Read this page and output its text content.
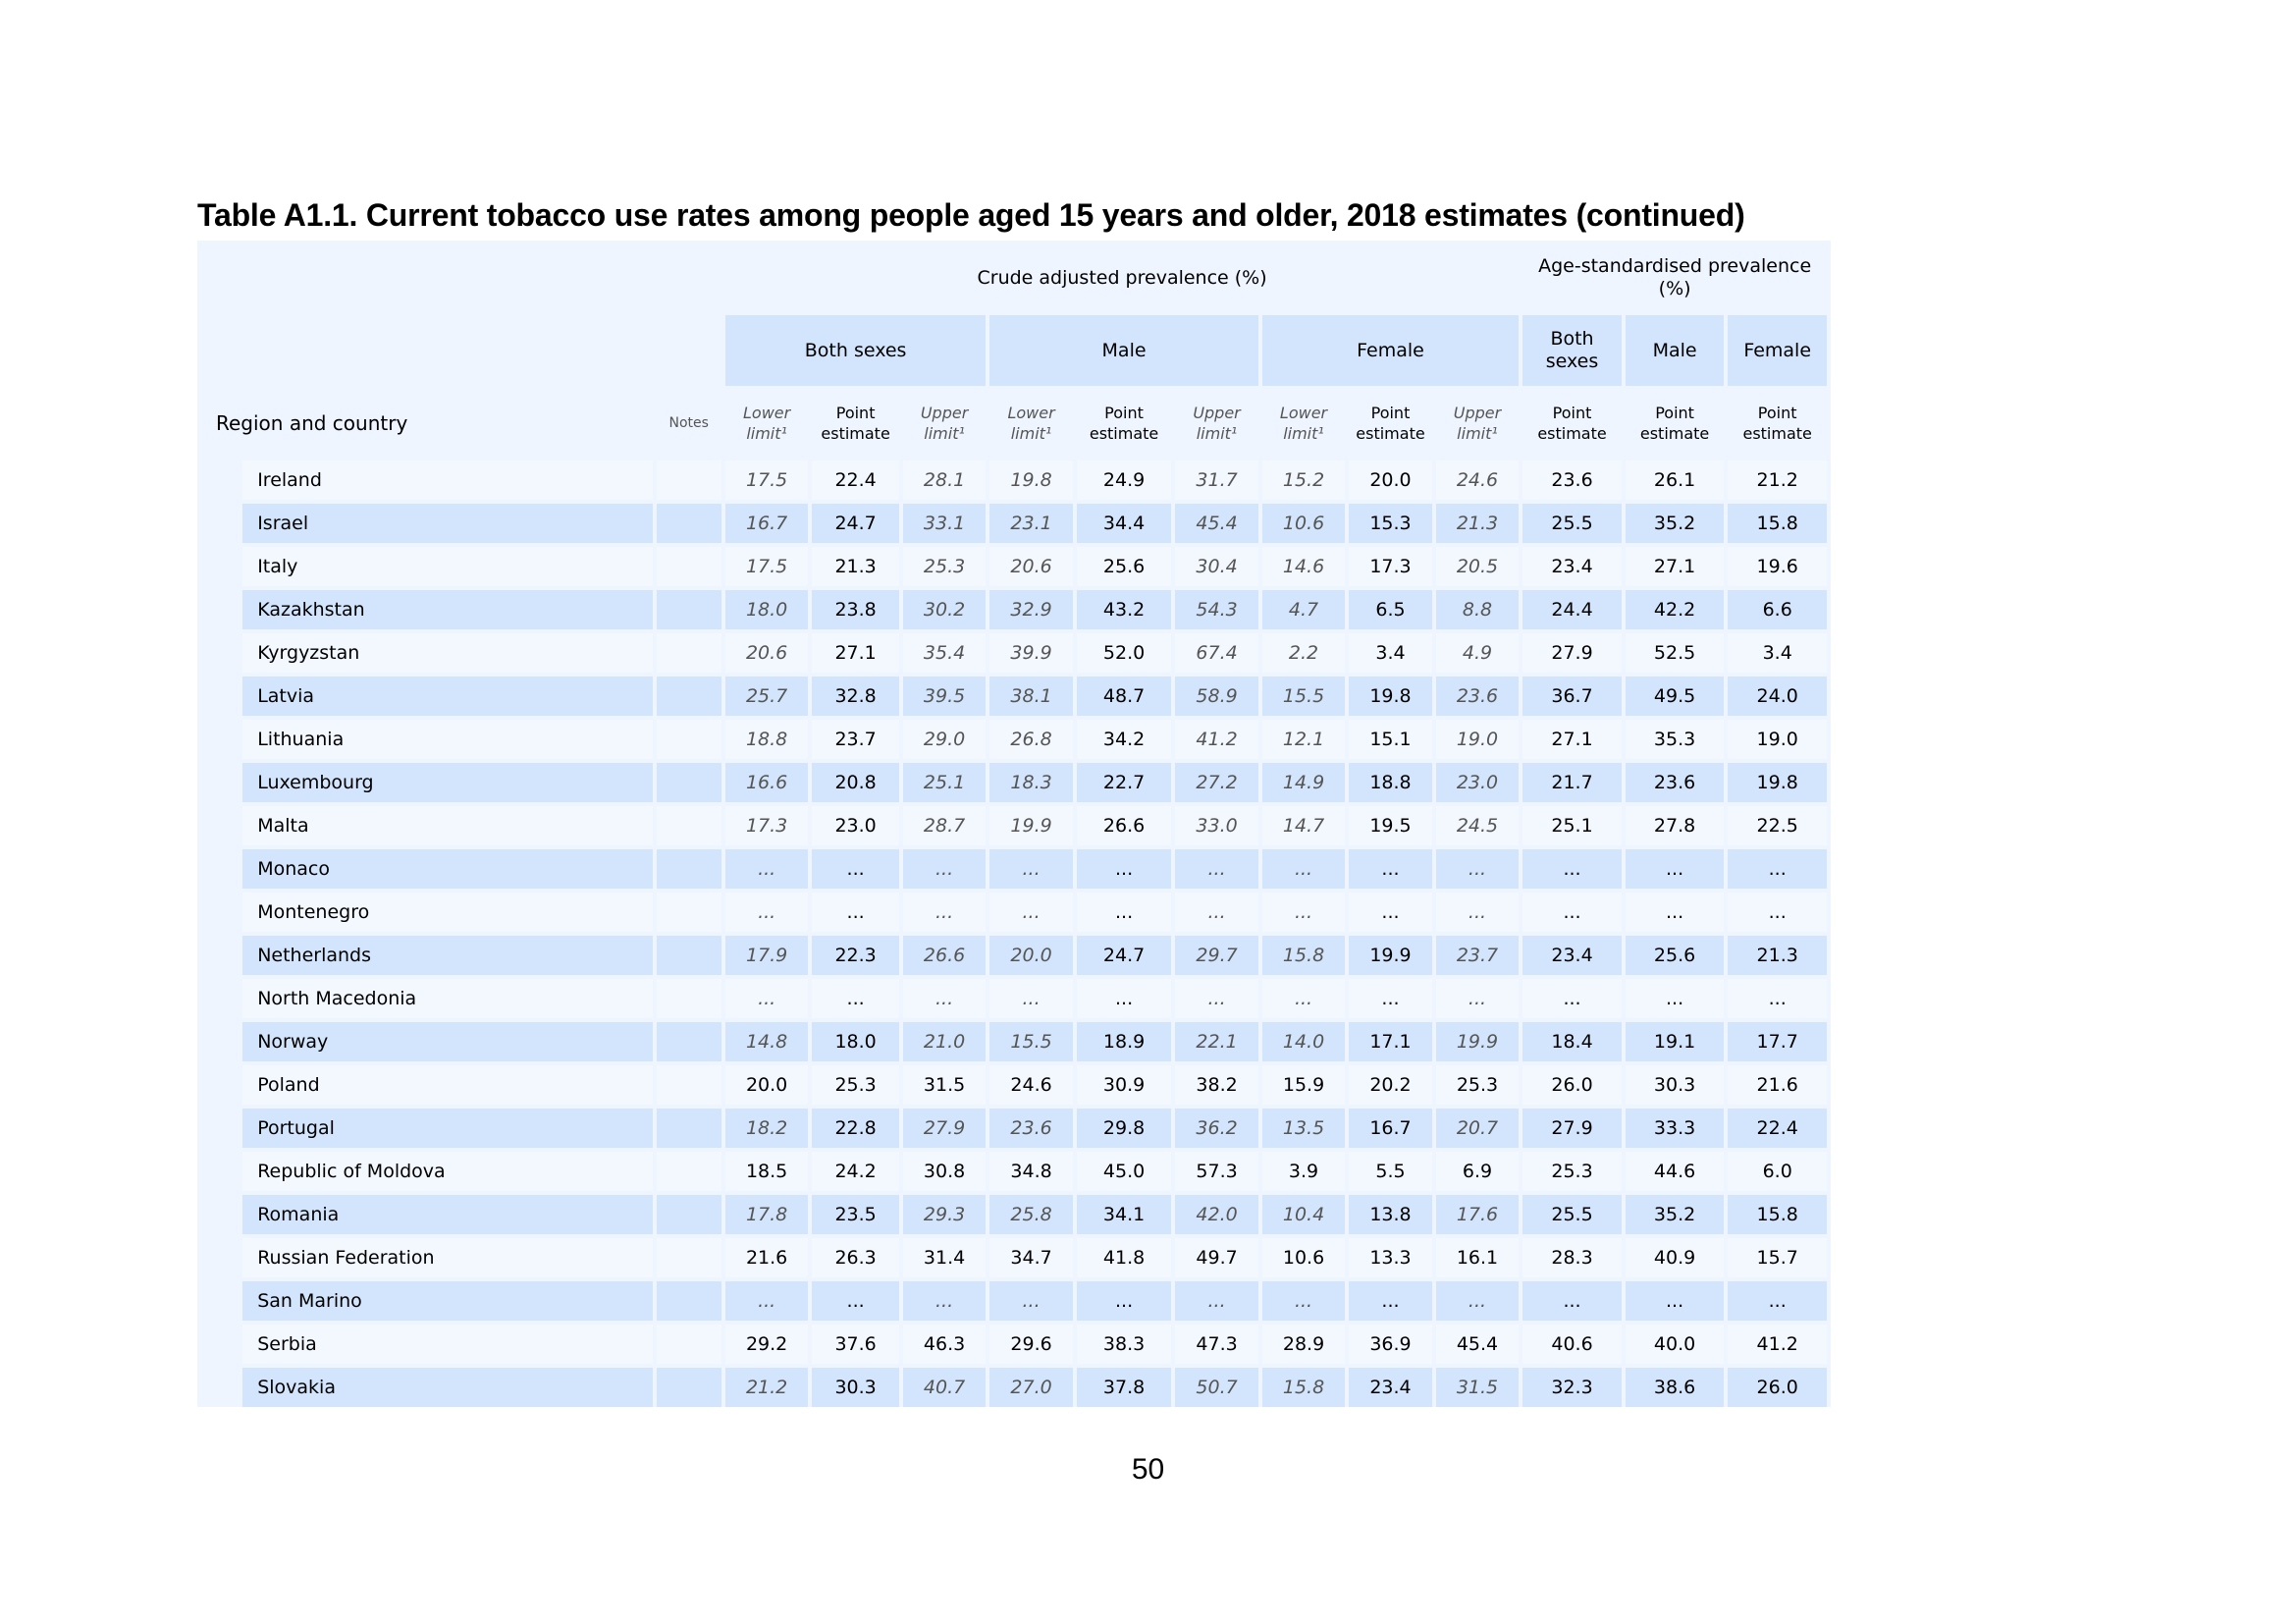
Table A1.1. Current tobacco use rates among people aged 15 years and older, 2018 estimates (continued)
			Crude adjusted prevalence (%)									Age-standardised prevalence (%)		
			Both sexes			Male			Female			Both sexes	Male	Female
Region and country		Notes	Lower limit¹	Point estimate	Upper limit¹	Lower limit¹	Point estimate	Upper limit¹	Lower limit¹	Point estimate	Upper limit¹	Point estimate	Point estimate	Point estimate
	Ireland		17.5	22.4	28.1	19.8	24.9	31.7	15.2	20.0	24.6	23.6	26.1	21.2
	Israel		16.7	24.7	33.1	23.1	34.4	45.4	10.6	15.3	21.3	25.5	35.2	15.8
	Italy		17.5	21.3	25.3	20.6	25.6	30.4	14.6	17.3	20.5	23.4	27.1	19.6
	Kazakhstan		18.0	23.8	30.2	32.9	43.2	54.3	4.7	6.5	8.8	24.4	42.2	6.6
	Kyrgyzstan		20.6	27.1	35.4	39.9	52.0	67.4	2.2	3.4	4.9	27.9	52.5	3.4
	Latvia		25.7	32.8	39.5	38.1	48.7	58.9	15.5	19.8	23.6	36.7	49.5	24.0
	Lithuania		18.8	23.7	29.0	26.8	34.2	41.2	12.1	15.1	19.0	27.1	35.3	19.0
	Luxembourg		16.6	20.8	25.1	18.3	22.7	27.2	14.9	18.8	23.0	21.7	23.6	19.8
	Malta		17.3	23.0	28.7	19.9	26.6	33.0	14.7	19.5	24.5	25.1	27.8	22.5
	Monaco		...	...	...	...	...	...	...	...	...	...	...	...
	Montenegro		...	...	...	...	...	...	...	...	...	...	...	...
	Netherlands		17.9	22.3	26.6	20.0	24.7	29.7	15.8	19.9	23.7	23.4	25.6	21.3
	North Macedonia		...	...	...	...	...	...	...	...	...	...	...	...
	Norway		14.8	18.0	21.0	15.5	18.9	22.1	14.0	17.1	19.9	18.4	19.1	17.7
	Poland		20.0	25.3	31.5	24.6	30.9	38.2	15.9	20.2	25.3	26.0	30.3	21.6
	Portugal		18.2	22.8	27.9	23.6	29.8	36.2	13.5	16.7	20.7	27.9	33.3	22.4
	Republic of Moldova		18.5	24.2	30.8	34.8	45.0	57.3	3.9	5.5	6.9	25.3	44.6	6.0
	Romania		17.8	23.5	29.3	25.8	34.1	42.0	10.4	13.8	17.6	25.5	35.2	15.8
	Russian Federation		21.6	26.3	31.4	34.7	41.8	49.7	10.6	13.3	16.1	28.3	40.9	15.7
	San Marino		...	...	...	...	...	...	...	...	...	...	...	...
	Serbia		29.2	37.6	46.3	29.6	38.3	47.3	28.9	36.9	45.4	40.6	40.0	41.2
	Slovakia		21.2	30.3	40.7	27.0	37.8	50.7	15.8	23.4	31.5	32.3	38.6	26.0
50
